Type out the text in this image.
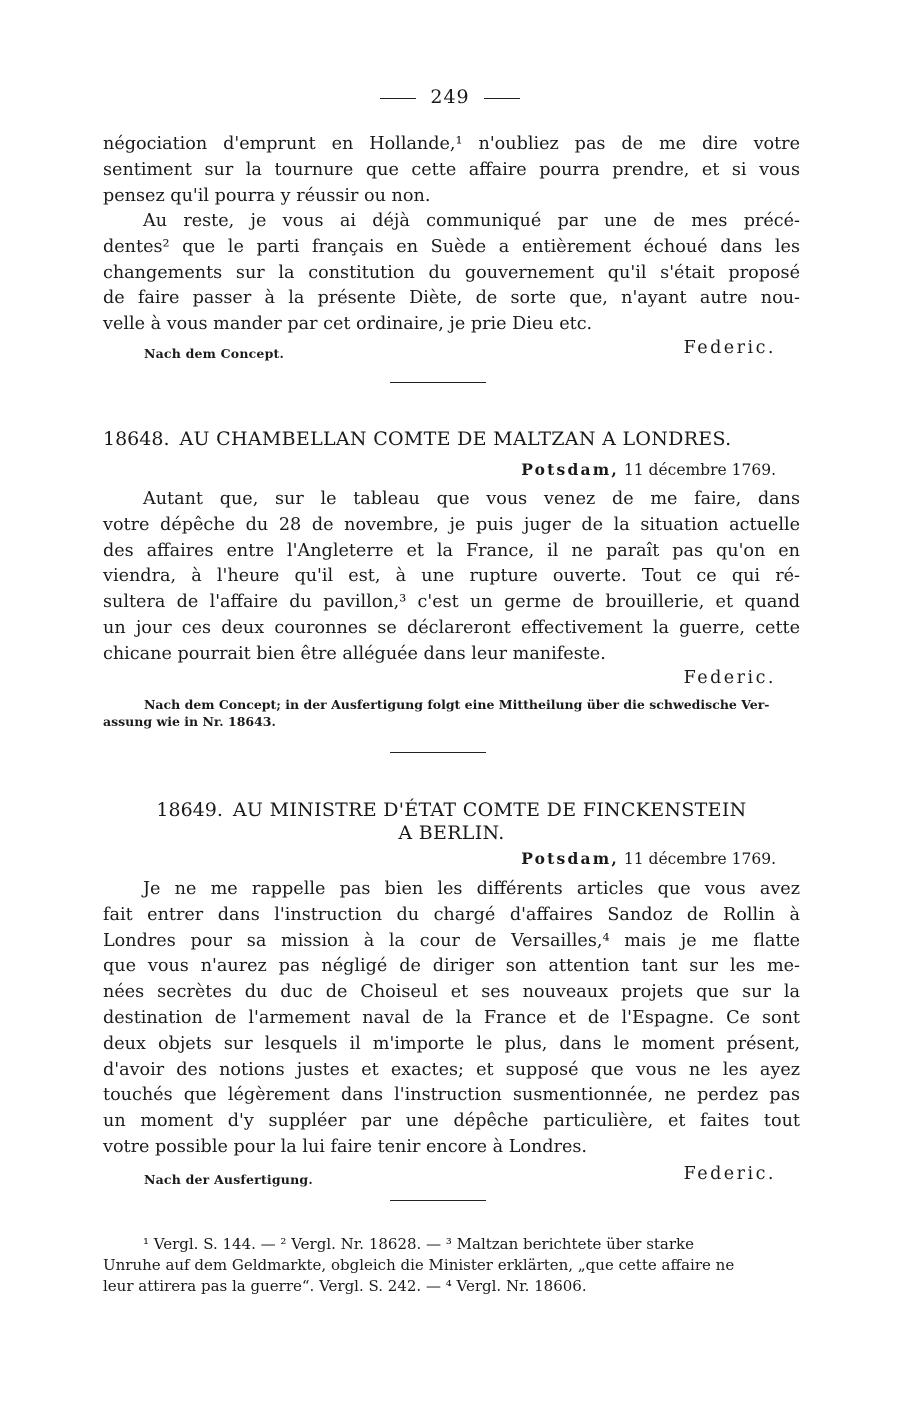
249
négociation d'emprunt en Hollande,¹ n'oubliez pas de me dire votre
sentiment sur la tournure que cette affaire pourra prendre, et si vous
pensez qu'il pourra y réussir ou non.
Au reste, je vous ai déjà communiqué par une de mes précé-
dentes² que le parti français en Suède a entièrement échoué dans les
changements sur la constitution du gouvernement qu'il s'était proposé
de faire passer à la présente Diète, de sorte que, n'ayant autre nou-
velle à vous mander par cet ordinaire, je prie Dieu etc.
Nach dem Concept.	Federic.
18648. AU CHAMBELLAN COMTE DE MALTZAN A LONDRES.
Potsdam, 11 décembre 1769.
Autant que, sur le tableau que vous venez de me faire, dans
votre dépêche du 28 de novembre, je puis juger de la situation actuelle
des affaires entre l'Angleterre et la France, il ne paraît pas qu'on en
viendra, à l'heure qu'il est, à une rupture ouverte. Tout ce qui ré-
sultera de l'affaire du pavillon,³ c'est un germe de brouillerie, et quand
un jour ces deux couronnes se déclareront effectivement la guerre, cette
chicane pourrait bien être alléguée dans leur manifeste.
Federic.
Nach dem Concept; in der Ausfertigung folgt eine Mittheilung über die schwedische Ver-
assung wie in Nr. 18643.
18649. AU MINISTRE D'ÉTAT COMTE DE FINCKENSTEIN
A BERLIN.
Potsdam, 11 décembre 1769.
Je ne me rappelle pas bien les différents articles que vous avez
fait entrer dans l'instruction du chargé d'affaires Sandoz de Rollin à
Londres pour sa mission à la cour de Versailles,⁴ mais je me flatte
que vous n'aurez pas négligé de diriger son attention tant sur les me-
nées secrètes du duc de Choiseul et ses nouveaux projets que sur la
destination de l'armement naval de la France et de l'Espagne. Ce sont
deux objets sur lesquels il m'importe le plus, dans le moment présent,
d'avoir des notions justes et exactes; et supposé que vous ne les ayez
touchés que légèrement dans l'instruction susmentionnée, ne perdez pas
un moment d'y suppléer par une dépêche particulière, et faites tout
votre possible pour la lui faire tenir encore à Londres.
Nach der Ausfertigung.	Federic.
¹ Vergl. S. 144. — ² Vergl. Nr. 18628. — ³ Maltzan berichtete über starke
Unruhe auf dem Geldmarkte, obgleich die Minister erklärten, „que cette affaire ne
leur attirera pas la guerre“. Vergl. S. 242. — ⁴ Vergl. Nr. 18606.
